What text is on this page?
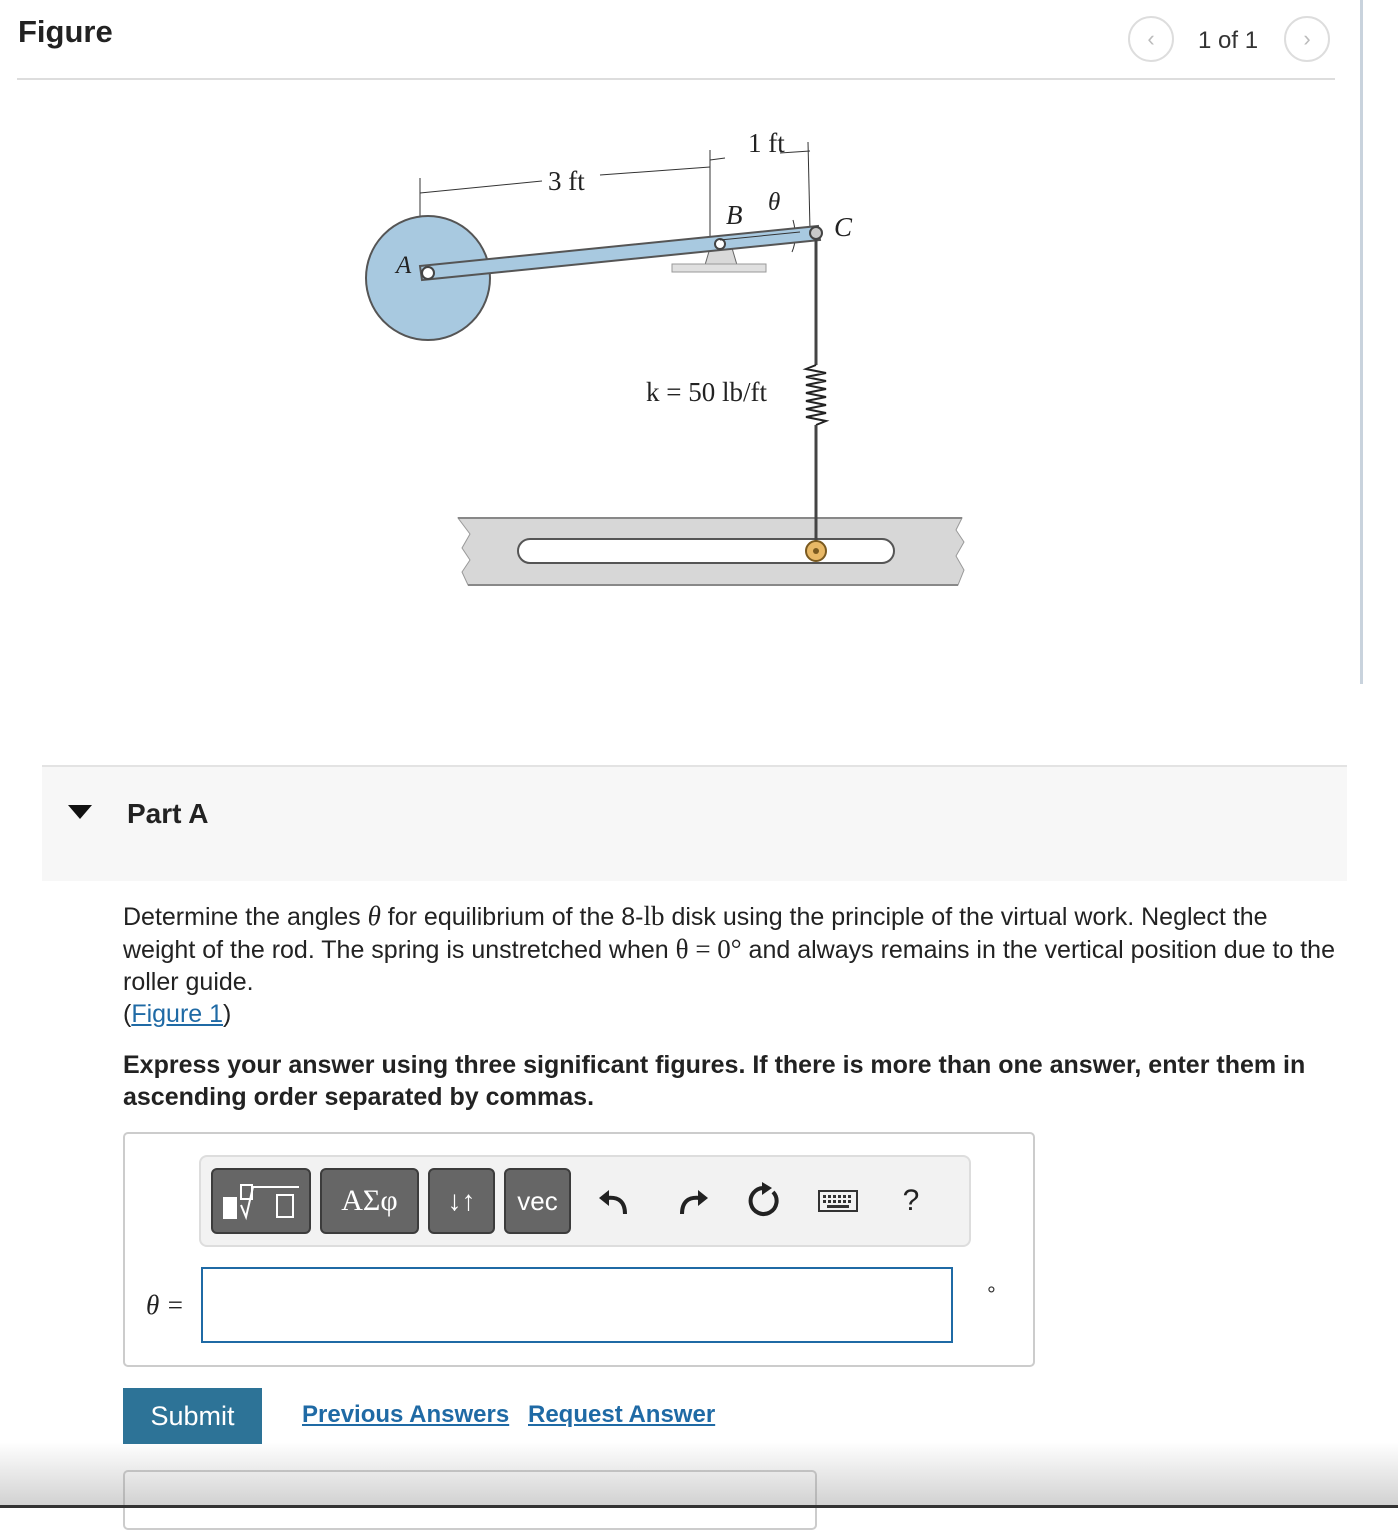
Figure	‹ 1 of 1 ›
1 ft
3 ft
B θ
C
A
k = 50 lb/ft
Part A
Determine the angles θ for equilibrium of the 8-lb disk using the principle of the virtual work. Neglect the weight of the rod. The spring is unstretched when θ = 0° and always remains in the vertical position due to the roller guide.
(Figure 1)
Express your answer using three significant figures. If there is more than one answer, enter them in ascending order separated by commas.
ΑΣφ	↓↑	vec	?
θ =	°
Submit	Previous Answers Request Answer
